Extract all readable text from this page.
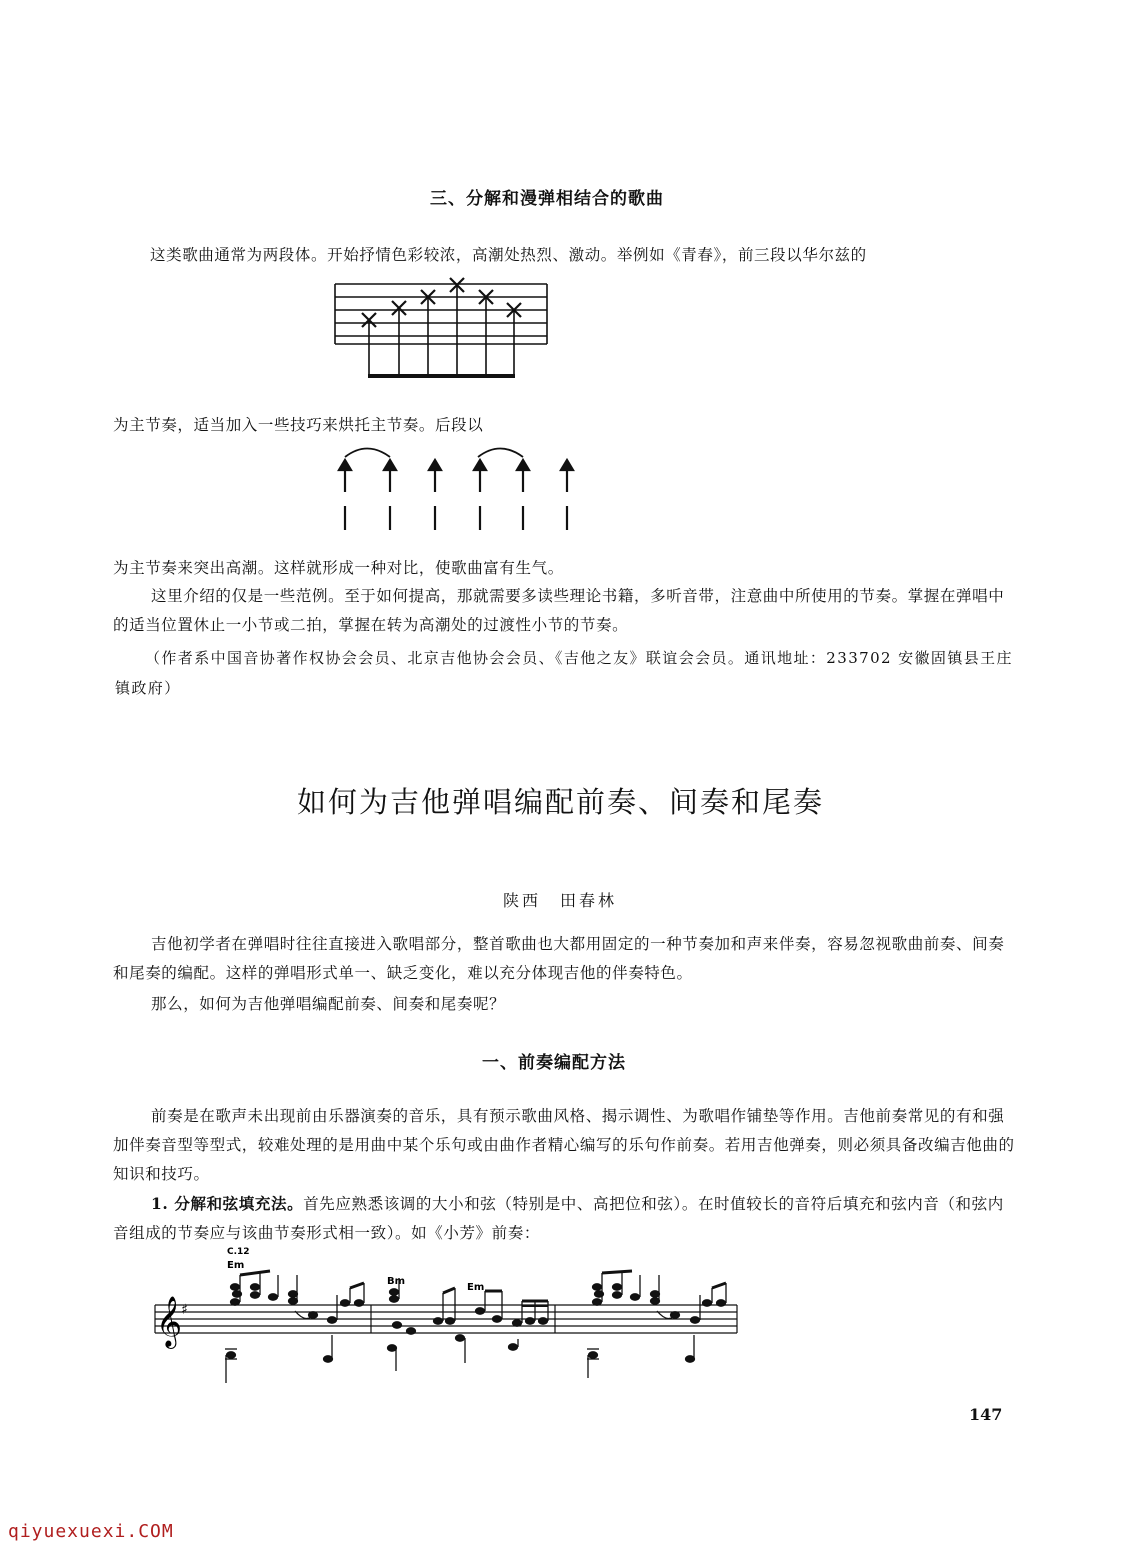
三、分解和漫弹相结合的歌曲
这类歌曲通常为两段体。开始抒情色彩较浓，高潮处热烈、激动。举例如《青春》，前三段以华尔兹的
为主节奏，适当加入一些技巧来烘托主节奏。后段以
为主节奏来突出高潮。这样就形成一种对比，使歌曲富有生气。
这里介绍的仅是一些范例。至于如何提高，那就需要多读些理论书籍，多听音带，注意曲中所使用的节奏。掌握在弹唱中的适当位置休止一小节或二拍，掌握在转为高潮处的过渡性小节的节奏。
（作者系中国音协著作权协会会员、北京吉他协会会员、《吉他之友》联谊会会员。通讯地址：233702 安徽固镇县王庄镇政府）
如何为吉他弹唱编配前奏、间奏和尾奏
陕西　田春林
吉他初学者在弹唱时往往直接进入歌唱部分，整首歌曲也大都用固定的一种节奏加和声来伴奏，容易忽视歌曲前奏、间奏和尾奏的编配。这样的弹唱形式单一、缺乏变化，难以充分体现吉他的伴奏特色。
那么，如何为吉他弹唱编配前奏、间奏和尾奏呢？
一、前奏编配方法
前奏是在歌声未出现前由乐器演奏的音乐，具有预示歌曲风格、揭示调性、为歌唱作铺垫等作用。吉他前奏常见的有和强加伴奏音型等型式，较难处理的是用曲中某个乐句或由曲作者精心编写的乐句作前奏。若用吉他弹奏，则必须具备改编吉他曲的知识和技巧。
1. 分解和弦填充法。首先应熟悉该调的大小和弦（特别是中、高把位和弦）。在时值较长的音符后填充和弦内音（和弦内音组成的节奏应与该曲节奏形式相一致）。如《小芳》前奏：
C.12
Em
Bm
Em
𝄞
♯
147
qiyuexuexi.COM
